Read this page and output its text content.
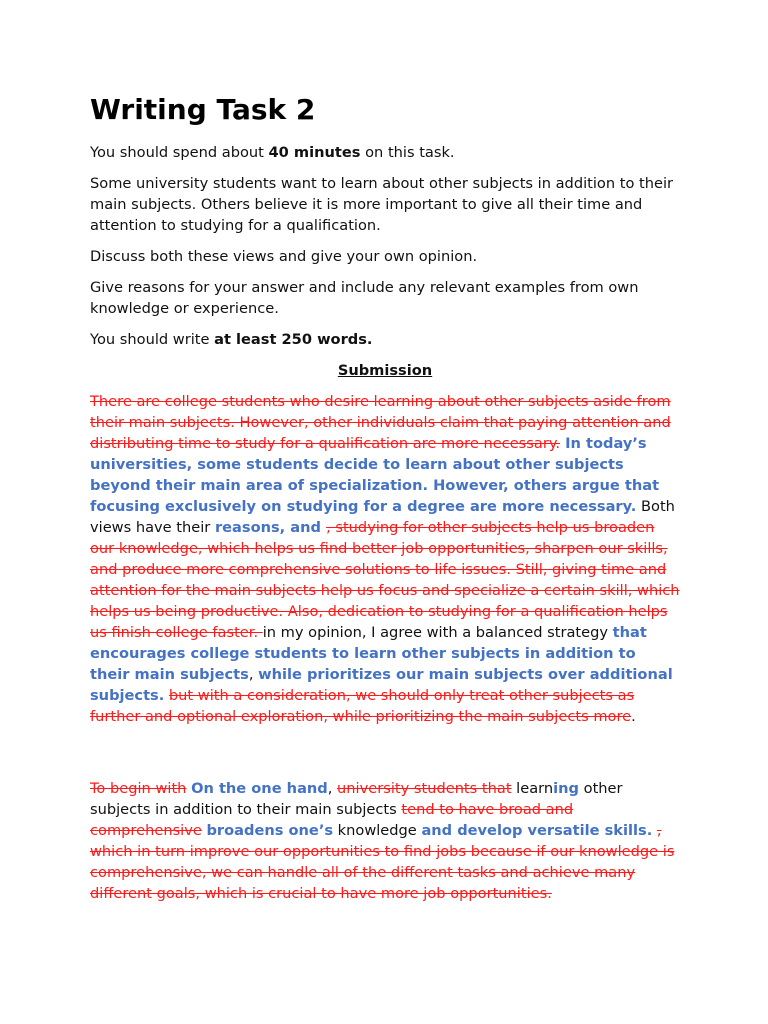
Writing Task 2

You should spend about 40 minutes on this task.

Some university students want to learn about other subjects in addition to their main subjects. Others believe it is more important to give all their time and attention to studying for a qualification.

Discuss both these views and give your own opinion.

Give reasons for your answer and include any relevant examples from own knowledge or experience.

You should write at least 250 words.

Submission

There are college students who desire learning about other subjects aside from their main subjects. However, other individuals claim that paying attention and distributing time to study for a qualification are more necessary. In today’s universities, some students decide to learn about other subjects beyond their main area of specialization. However, others argue that focusing exclusively on studying for a degree are more necessary. Both views have their reasons, and , studying for other subjects help us broaden our knowledge, which helps us find better job opportunities, sharpen our skills, and produce more comprehensive solutions to life issues. Still, giving time and attention for the main subjects help us focus and specialize a certain skill, which helps us being productive. Also, dedication to studying for a qualification helps us finish college faster. in my opinion, I agree with a balanced strategy that encourages college students to learn other subjects in addition to their main subjects, while prioritizes our main subjects over additional subjects. but with a consideration, we should only treat other subjects as further and optional exploration, while prioritizing the main subjects more.

To begin with On the one hand, university students that learning other subjects in addition to their main subjects tend to have broad and comprehensive broadens one’s knowledge and develop versatile skills. , which in turn improve our opportunities to find jobs because if our knowledge is comprehensive, we can handle all of the different tasks and achieve many different goals, which is crucial to have more job opportunities.
